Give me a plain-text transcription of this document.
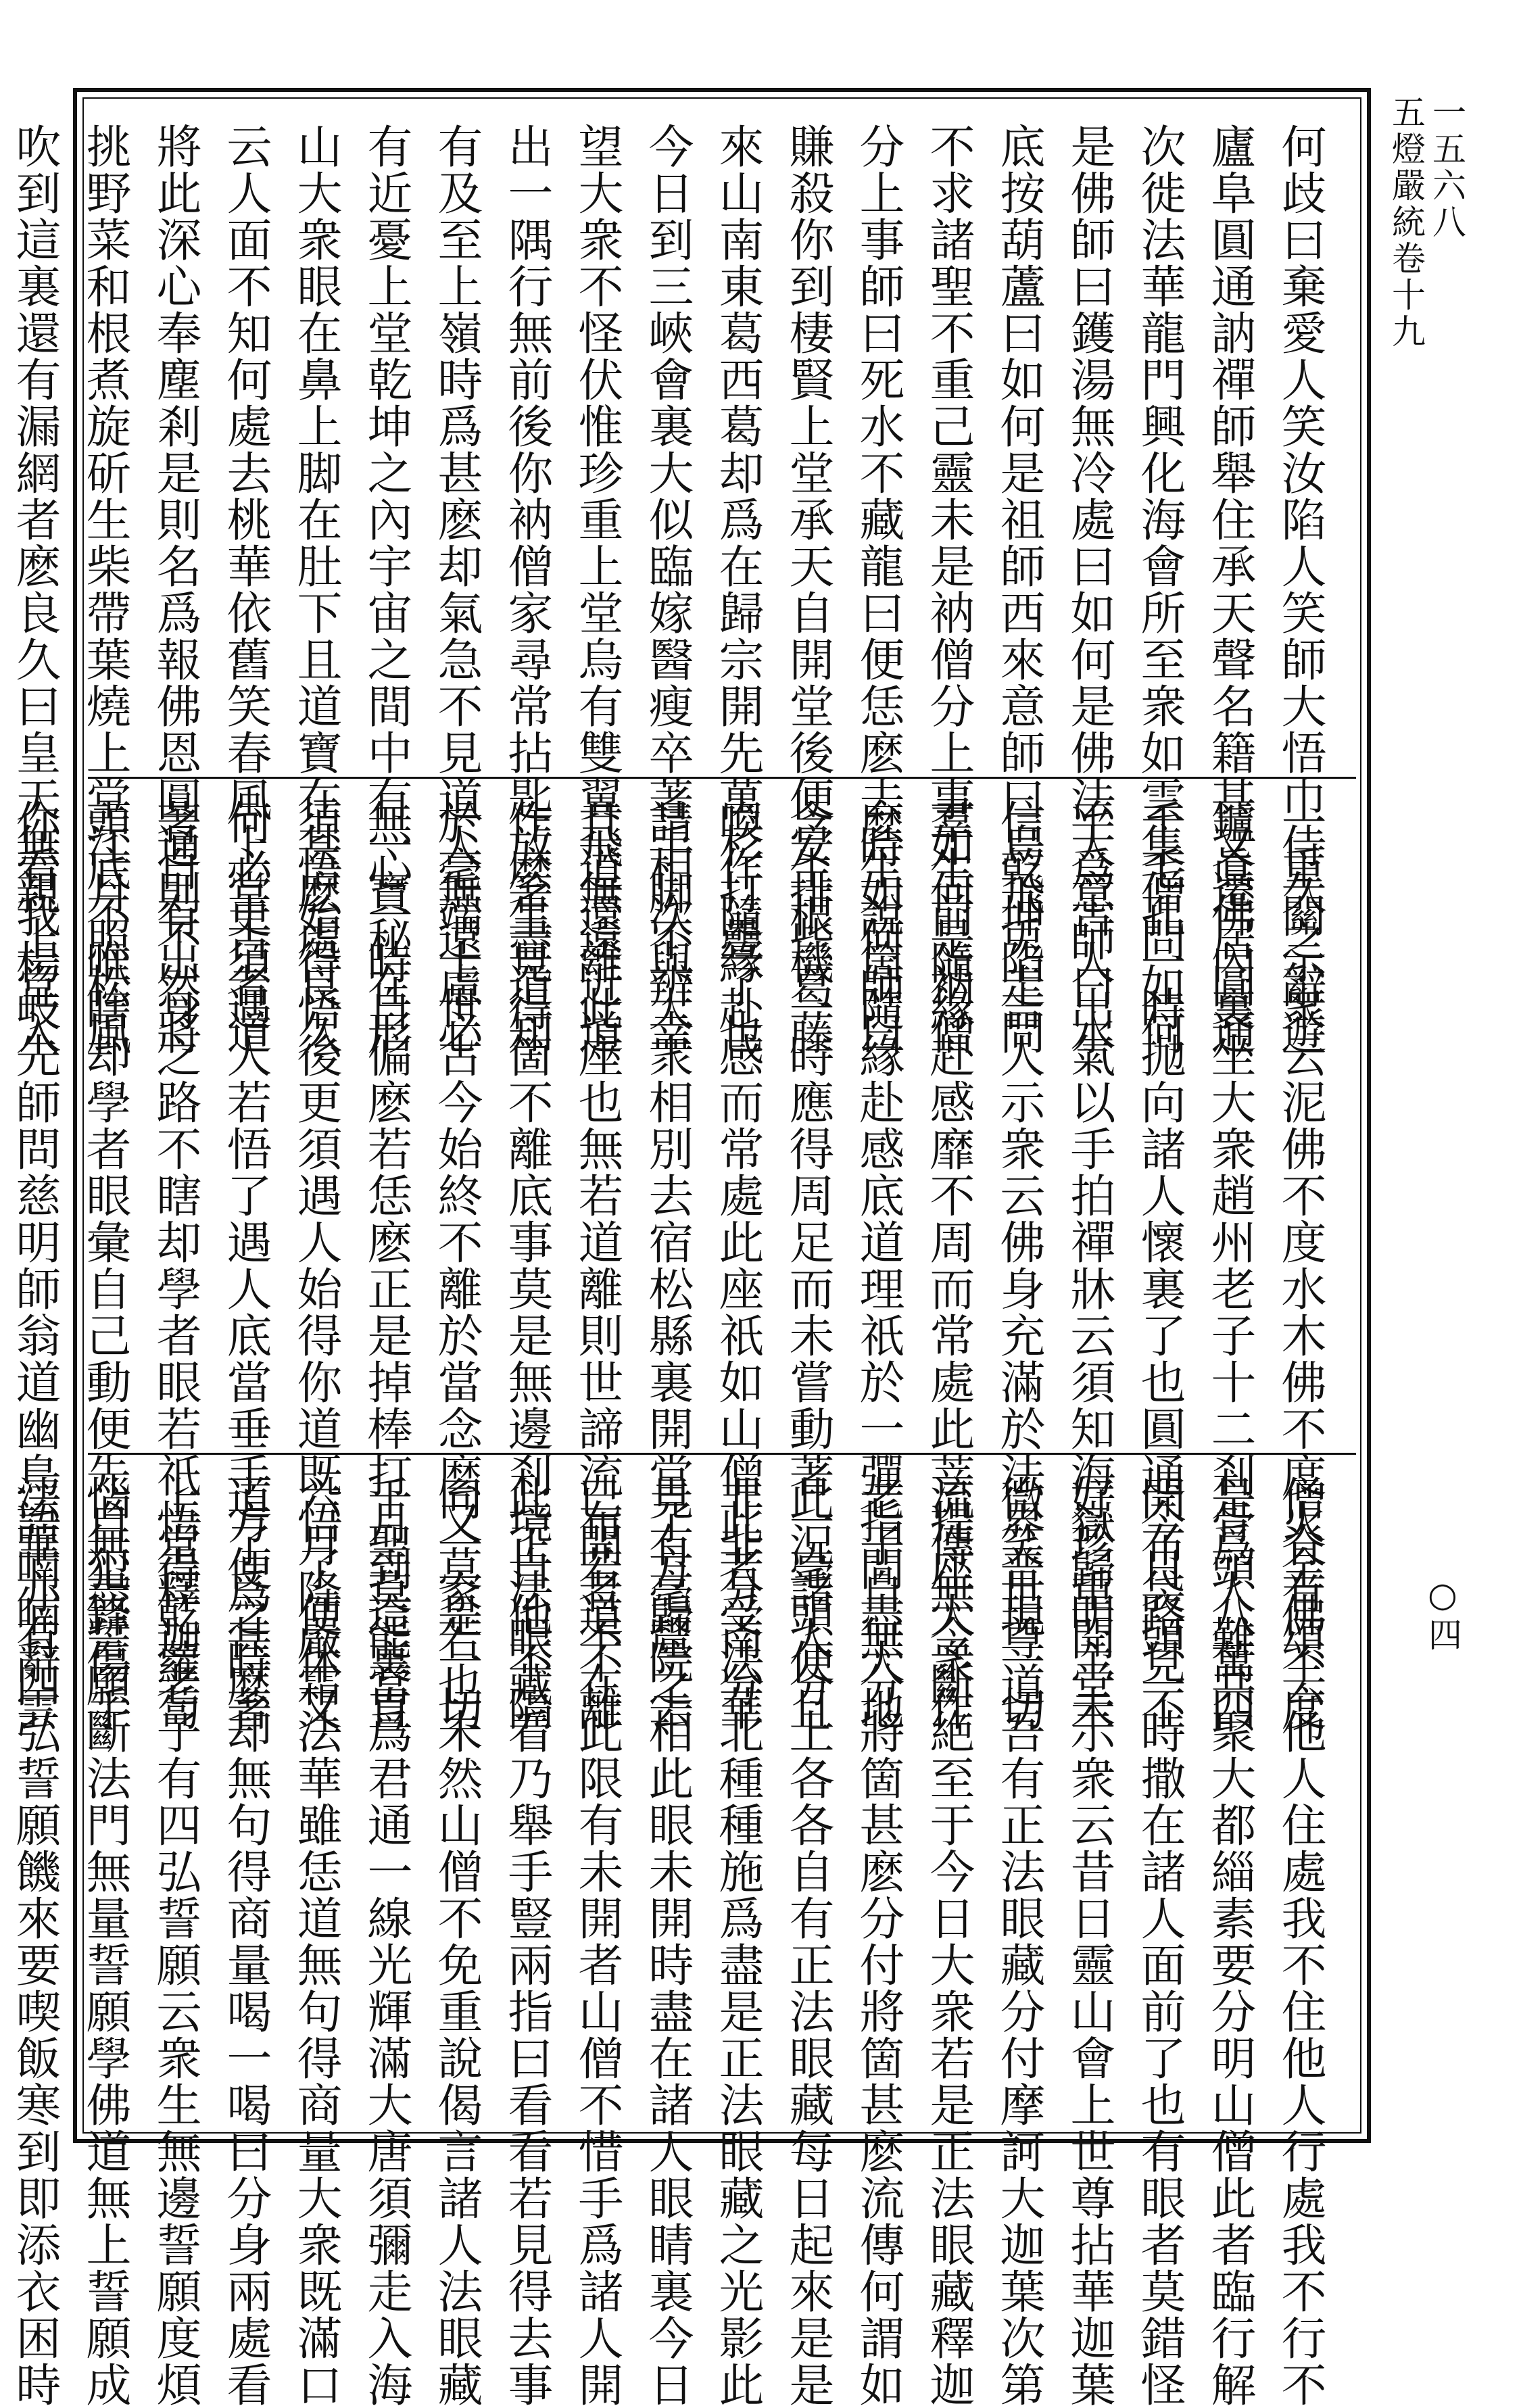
一五六八
五燈嚴統卷十九
○四
何歧曰棄愛人笑汝陷人笑師大悟巾侍久之辭遊
廬阜圓通訥禪師舉住承天聲名籍甚又遷居圓通
次徙法華龍門興化海會所至衆如雲集僧問如何
是佛師曰鑊湯無冷處曰如何是佛法大意師曰水
底按葫蘆曰如何是祖師西來意師曰烏飛兎走問
不求諸聖不重己靈未是衲僧分上事如何是衲僧
分上事師曰死水不藏龍曰便恁麽去時如何師曰
賺殺你到棲賢上堂承天自開堂後便安排些葛藤
來山南東葛西葛却爲在歸宗開先萬杉打疊了也
今日到三峽會裏大似臨嫁醫瘦卒著手脚不辨幸
望大衆不怪伏惟珍重上堂烏有雙翼飛無遠近道
出一隅行無前後你衲僧家尋常拈匙放箸盡道知
有及至上嶺時爲甚麽却氣急不見道人無遠慮必
有近憂上堂乾坤之內宇宙之間中有一寶秘在形
山大衆眼在鼻上脚在肚下且道寶在甚麽處良久
云人面不知何處去桃華依舊笑春風上堂古者道
將此深心奉塵剎是則名爲報佛恩圓通則不然將
挑野菜和根煮旋斫生柴帶葉燒上堂江月照松風
吹到這裏還有漏網者麽良久曰皇天無親上堂入
一重關示衆云泥佛不度水木佛不度火金佛不度
鑪眞佛內裏坐大衆趙州老子十二剎骨頭八萬四
千毛孔一時抛向諸人懷裏了也圓通今日路見不
平爲古人出氣以手拍禪牀云須知海嶽歸明主未
信乾坤陷吉人示衆云佛身充滿於法界普現一切
羣生前隨緣赴感靡不周而常處此菩提座大衆作
麽生說箇隨緣赴感底道理祇於一彈指間盡大地
含生根機一時應得周足而未嘗動著一毫頭便且
喚作隨緣赴感而常處此座祇如山僧此者受法華
請相次與大衆相別去宿松縣裏開堂了方歸院去
且道還離此座也無若道離則世諦流布若道不離
作麽生見得箇不離底事莫是無邊剎境自他不隔
於毫端十世古今始終不離於當念麽又莫是一切
無心一時自偏麽若恁麽正是掉棒打月到這裏直
須悟始得悟後更須遇人始得你道既悟了便休又
何必更須遇人若悟了遇人底當垂手方便之時著
著自有出身之路不瞎却學者眼若祇悟得乾蘿蔔
頭底不唯瞎却學者眼彙自己動便先自犯鋒傷手
你看我楊岐先師問慈明師翁道幽鳥語喃喃辭雲
僧脊有頌云他人住處我不住他人行處我不行不
是爲人難共聚大都緇素要分明山僧此者臨行解
開布袋頭一時撒在諸人面前了也有眼者莫錯怪
好珍重開堂示衆云昔日靈山會上世尊拈華迦葉
微笑世尊道吾有正法眼藏分付摩訶大迦葉次第
流傳無令斷絶至于今日大衆若是正法眼藏釋迦
老子自無分將箇甚麽分付將箇甚麽流傳何謂如
此況諸人分上各各自有正法眼藏每日起來是是
非非分南分北種種施爲盡是正法眼藏之光影此
見有毫釐之相此眼未開時盡在諸人眼睛裏今日
已開者不在此限有未開者山僧不惜手爲諸人開
此正法眼藏看乃舉手豎兩指曰看看若見得去事
同一家若也未然山僧不免重說偈言諸人法眼藏
千聖莫能當爲君通一線光輝滿大唐須彌走入海
六月降嚴霜法華雖恁道無句得商量大衆既滿口
道了爲甚麽却無句得商量喝一喝曰分身兩處看
上堂釋迦老子有四弘誓願云衆生無邊誓願度煩
惱無盡誓願斷法門無量誓願學佛道無上誓願成
法華亦有四弘誓願饑來要喫飯寒到即添衣困時
